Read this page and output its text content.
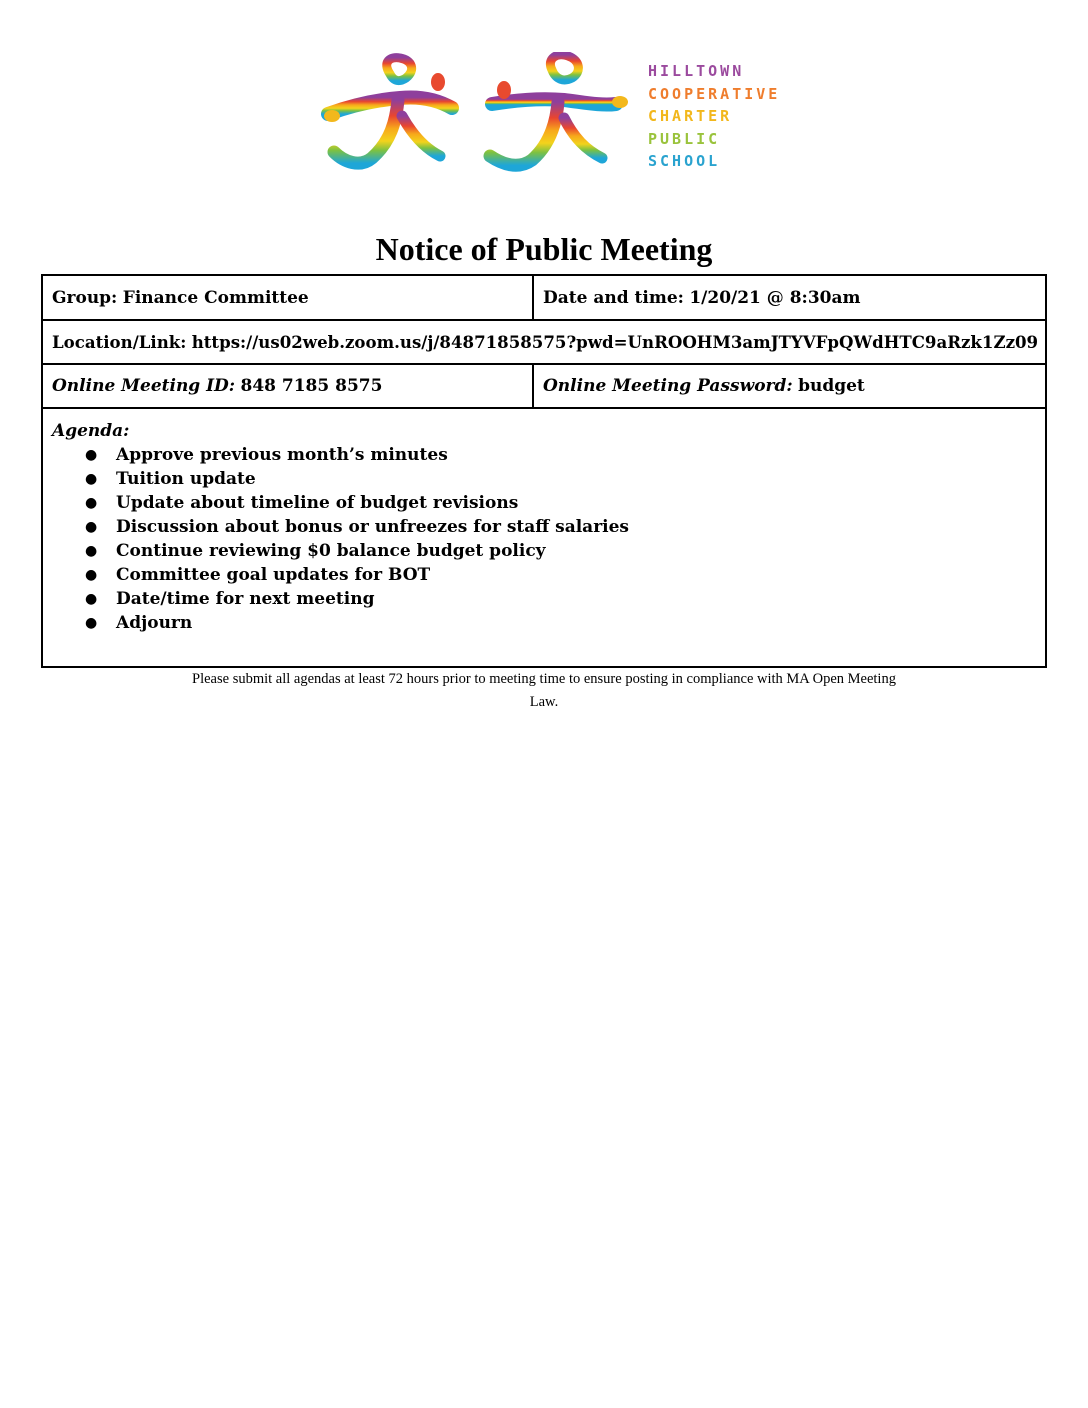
HILLTOWN
COOPERATIVE
CHARTER
PUBLIC
SCHOOL
Notice of Public Meeting
Group:
Finance Committee	Date and time:
1/20/21 @ 8:30am
Location/Link:
https://us02web.zoom.us/j/84871858575?pwd=UnROOHM3amJTYVFpQWdHTC9aRzk1Zz09
Online Meeting ID:
848 7185 8575	Online Meeting Password:
budget
Agenda:
● Approve previous month’s minutes
● Tuition update
● Update about timeline of budget revisions
● Discussion about bonus or unfreezes for staff salaries
● Continue reviewing $0 balance budget policy
● Committee goal updates for BOT
● Date/time for next meeting
● Adjourn
Please submit all agendas at least 72 hours prior to meeting time to ensure posting in compliance with MA Open Meeting
Law.
